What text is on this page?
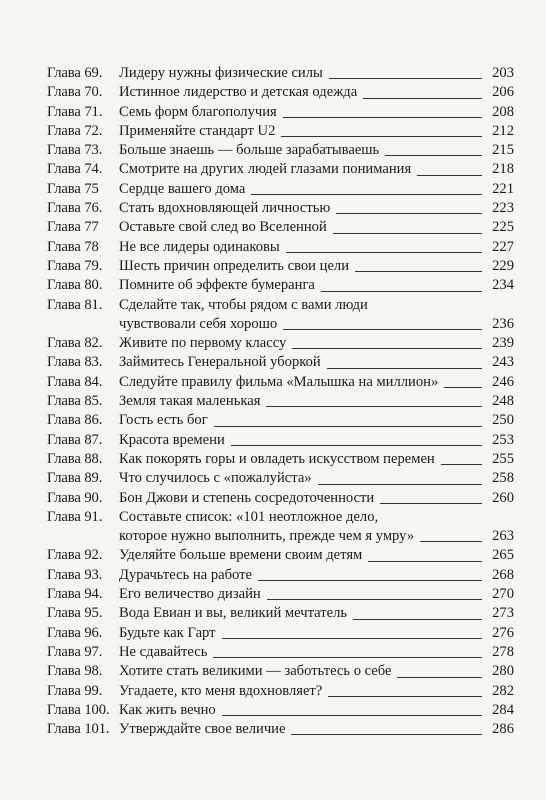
Глава 69.	Лидеру нужны физические силы	203
Глава 70.	Истинное лидерство и детская одежда	206
Глава 71.	Семь форм благополучия	208
Глава 72.	Применяйте стандарт U2	212
Глава 73.	Больше знаешь — больше зарабатываешь	215
Глава 74.	Смотрите на других людей глазами понимания	218
Глава 75	Сердце вашего дома	221
Глава 76.	Стать вдохновляющей личностью	223
Глава 77	Оставьте свой след во Вселенной	225
Глава 78	Не все лидеры одинаковы	227
Глава 79.	Шесть причин определить свои цели	229
Глава 80.	Помните об эффекте бумеранга	234
Глава 81.	Сделайте так, чтобы рядом с вами люди
чувствовали себя хорошо	236
Глава 82.	Живите по первому классу	239
Глава 83.	Займитесь Генеральной уборкой	243
Глава 84.	Следуйте правилу фильма «Малышка на миллион»	246
Глава 85.	Земля такая маленькая	248
Глава 86.	Гость есть бог	250
Глава 87.	Красота времени	253
Глава 88.	Как покорять горы и овладеть искусством перемен	255
Глава 89.	Что случилось с «пожалуйста»	258
Глава 90.	Бон Джови и степень сосредоточенности	260
Глава 91.	Составьте список: «101 неотложное дело,
которое нужно выполнить, прежде чем я умру»	263
Глава 92.	Уделяйте больше времени своим детям	265
Глава 93.	Дурачьтесь на работе	268
Глава 94.	Его величество дизайн	270
Глава 95.	Вода Евиан и вы, великий мечтатель	273
Глава 96.	Будьте как Гарт	276
Глава 97.	Не сдавайтесь	278
Глава 98.	Хотите стать великими — заботьтесь о себе	280
Глава 99.	Угадаете, кто меня вдохновляет?	282
Глава 100. Как жить вечно	284
Глава 101. Утверждайте свое величие	286
